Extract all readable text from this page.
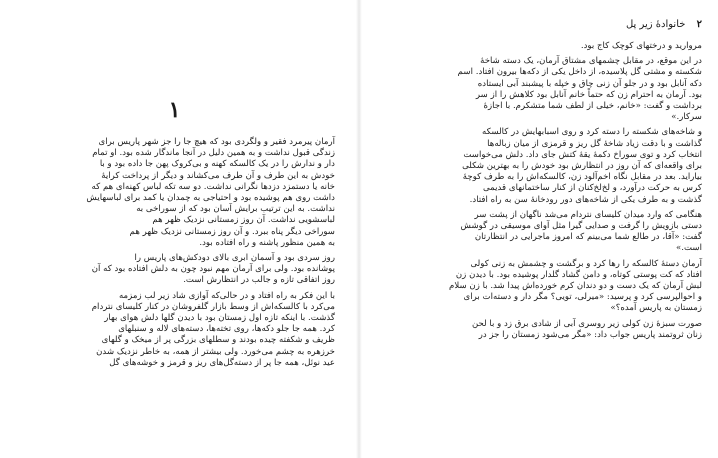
۱

آرمان پیرمرد فقیر و ولگردی بود که هیچ جا را جز شهر پاریس برای
زندگی قبول نداشت و به همین دلیل در آنجا ماندگار شده بود. او تمام
دار و ندارش را در یک کالسکه کهنه و بی‌کروک پهن جا داده بود و با
خودش به این طرف و آن طرف می‌کشاند و دیگر از پرداخت کرایهٔ
خانه یا دستمزد دزدها نگرانی نداشت. دو سه تکه لباس کهنه‌ای هم که
داشت روی هم پوشیده بود و احتیاجی به چمدان یا کمد برای لباسهایش
نداشت. به این ترتیب برایش آسان بود که از سوراخی به
لباسشویی نداشت. آن روز زمستانی نزدیک ظهر هم
سوراخی دیگر پناه ببرد. و آن روز زمستانی نزدیک ظهر هم
به همین منظور پاشنه و راه افتاده بود.

روز سردی بود و آسمان ابری بالای دودکش‌های پاریس را
پوشانده بود. ولی برای آرمان مهم نبود چون به دلش افتاده بود که آن
روز اتفاقی تازه و جالب در انتظارش است.

با این فکر به راه افتاد و در حالی‌که آوازی شاد زیر لب زمزمه
می‌کرد با کالسکه‌اش از وسط بازار گلفروشان در کنار کلیسای نتردام
گذشت. با اینکه تازه اول زمستان بود با دیدن گلها دلش هوای بهار
کرد. همه جا جلو دکه‌ها، روی تخته‌ها، دسته‌های لاله و سنبلهای
ظریف و شکفته چیده بودند و سطلهای بزرگی پر از میخک و گلهای
خرزهره به چشم می‌خورد. ولی بیشتر از همه، به خاطر نزدیک شدن
عید نوئل، همه جا پر از دسته‌گل‌های ریز و قرمز و خوشه‌های گل

۲ خانوادهٔ زیر پل

مروارید و درختهای کوچک کاج بود.

در این موقع، در مقابل چشمهای مشتاق آرمان، یک دسته شاخهٔ
شکسته و مشتی گل پلاسیده، از داخل یکی از دکه‌ها بیرون افتاد. اسم
دکه آنابل بود و در جلو آن زنی چاق و خپله با پیشبند آبی ایستاده
بود. آرمان به احترام زن که حتماً خانم آنابل بود کلاهش را از سر
برداشت و گفت: «خانم، خیلی از لطف شما متشکرم. با اجازهٔ
سرکار.»

و شاخه‌های شکسته را دسته کرد و روی اسبابهایش در کالسکه
گذاشت و با دقت زیاد شاخهٔ گل ریز و قرمزی از میان زباله‌ها
انتخاب کرد و توی سوراخ دکمهٔ یقهٔ کتش جای داد. دلش می‌خواست
برای واقعه‌ای که آن روز در انتظارش بود خودش را به بهترین شکلی
بیاراید. بعد در مقابل نگاه اخم‌آلود زن، کالسکه‌اش را به طرف کوچهٔ
کرس به حرکت درآورد، و لخ‌لخ‌کنان از کنار ساختمانهای قدیمی
گذشت و به طرف یکی از شاخه‌های دور رودخانهٔ سن به راه افتاد.

هنگامی که وارد میدان کلیسای نتردام می‌شد ناگهان از پشت سر
دستی بازویش را گرفت و صدایی گیرا مثل آوای موسیقی در گوشش
گفت: «آقا، در طالع شما می‌بینم که امروز ماجرایی در انتظارتان
است.»

آرمان دستهٔ کالسکه را رها کرد و برگشت و چشمش به زنی کولی
افتاد که کت پوستی کوتاه، و دامن گشاد گلدار پوشیده بود. با دیدن زن
لبش آرمان که یک دست و دو دندان کرم خورده‌اش پیدا شد. با زن سلام
و احوالپرسی کرد و پرسید: «میرلی، تویی؟ مگر دار و دسته‌ات برای
زمستان به پاریس آمده؟»

صورت سبزهٔ زن کولی زیر روسری آبی از شادی برق زد و با لحن
زنان ثروتمند پاریس جواب داد: «مگر می‌شود زمستان را جز در
